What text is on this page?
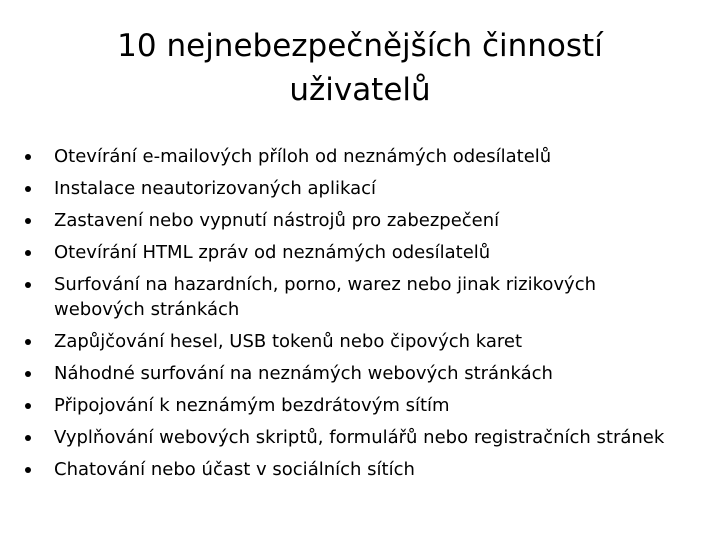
10 nejnebezpečnějších činností
uživatelů
Otevírání e-mailových příloh od neznámých odesílatelů
Instalace neautorizovaných aplikací
Zastavení nebo vypnutí nástrojů pro zabezpečení
Otevírání HTML zpráv od neznámých odesílatelů
Surfování na hazardních, porno, warez nebo jinak rizikových
webových stránkách
Zapůjčování hesel, USB tokenů nebo čipových karet
Náhodné surfování na neznámých webových stránkách
Připojování k neznámým bezdrátovým sítím
Vyplňování webových skriptů, formulářů nebo registračních stránek
Chatování nebo účast v sociálních sítích
